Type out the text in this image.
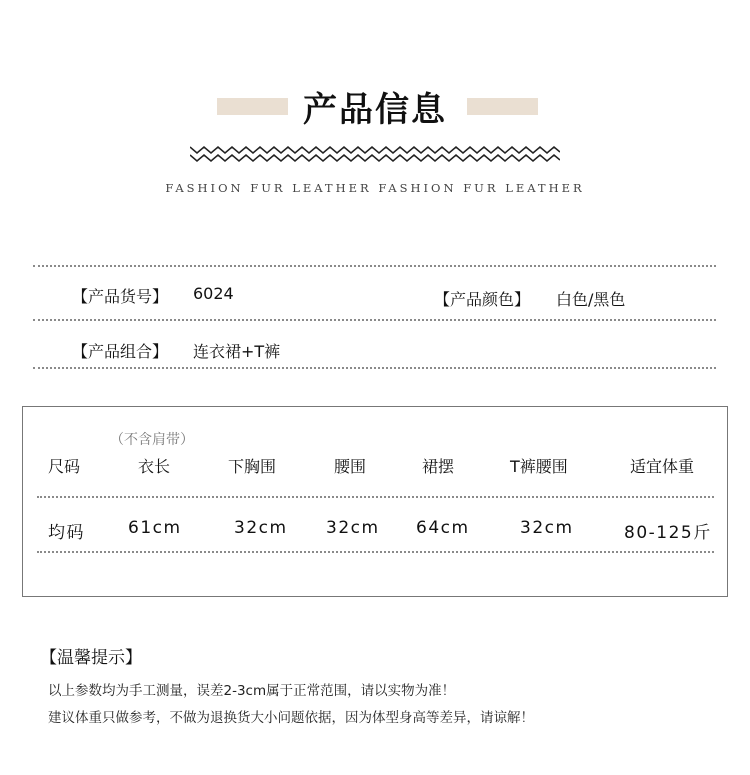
产品信息
FASHION FUR LEATHER FASHION FUR LEATHER
【产品货号】 6024	【产品颜色】 白色/黑色
【产品组合】 连衣裙+T裤
（不含肩带）
尺码	衣长	下胸围	腰围	裙摆	T裤腰围	适宜体重
均码	61cm	32cm 32cm 64cm	32cm	80-125斤
【温馨提示】
以上参数均为手工测量，误差2-3cm属于正常范围，请以实物为准！
建议体重只做参考，不做为退换货大小问题依据，因为体型身高等差异，请谅解！
